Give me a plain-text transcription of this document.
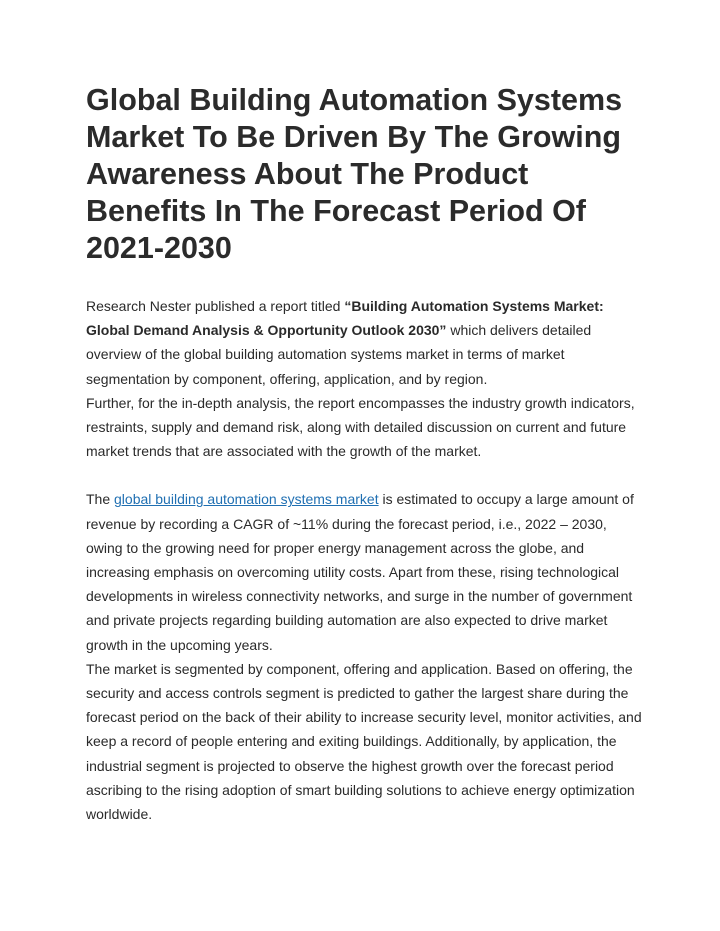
Global Building Automation Systems Market To Be Driven By The Growing Awareness About The Product Benefits In The Forecast Period Of 2021-2030

Research Nester published a report titled “Building Automation Systems Market: Global Demand Analysis & Opportunity Outlook 2030” which delivers detailed overview of the global building automation systems market in terms of market segmentation by component, offering, application, and by region.

Further, for the in-depth analysis, the report encompasses the industry growth indicators, restraints, supply and demand risk, along with detailed discussion on current and future market trends that are associated with the growth of the market.

The global building automation systems market is estimated to occupy a large amount of revenue by recording a CAGR of ~11% during the forecast period, i.e., 2022 – 2030, owing to the growing need for proper energy management across the globe, and increasing emphasis on overcoming utility costs. Apart from these, rising technological developments in wireless connectivity networks, and surge in the number of government and private projects regarding building automation are also expected to drive market growth in the upcoming years.

The market is segmented by component, offering and application. Based on offering, the security and access controls segment is predicted to gather the largest share during the forecast period on the back of their ability to increase security level, monitor activities, and keep a record of people entering and exiting buildings. Additionally, by application, the industrial segment is projected to observe the highest growth over the forecast period ascribing to the rising adoption of smart building solutions to achieve energy optimization worldwide.
